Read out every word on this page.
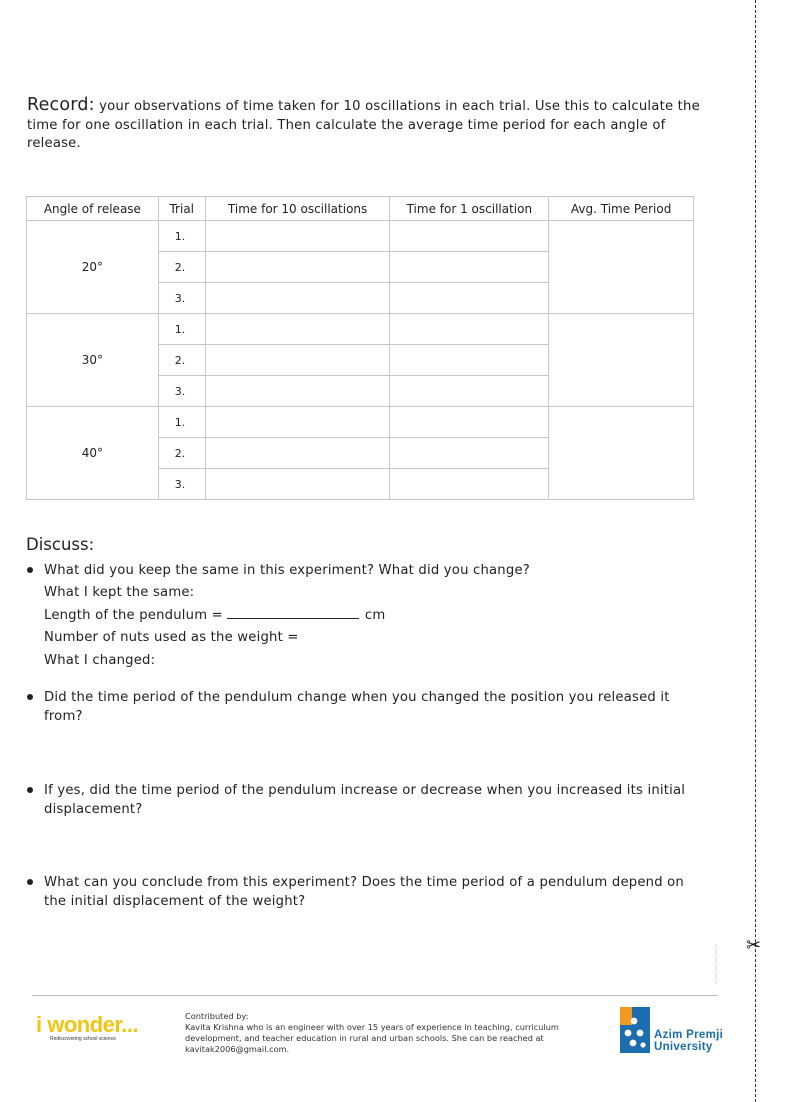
✂
Record: your observations of time taken for 10 oscillations in each trial. Use this to calculate the time for one oscillation in each trial. Then calculate the average time period for each angle of release.
Angle of release	Trial	Time for 10 oscillations	Time for 1 oscillation	Avg. Time Period
20°	1.			
	2.			
	3.			
30°	1.			
	2.			
	3.			
40°	1.			
	2.			
	3.			
Discuss:
What did you keep the same in this experiment? What did you change?
What I kept the same:
Length of the pendulum =	cm
Number of nuts used as the weight =
What I changed:
Did the time period of the pendulum change when you changed the position you released it from?
If yes, did the time period of the pendulum increase or decrease when you increased its initial displacement?
What can you conclude from this experiment? Does the time period of a pendulum depend on the initial displacement of the weight?
i wonder...
Rediscovering school science
Contributed by:
Kavita Krishna who is an engineer with over 15 years of experience in teaching, curriculum development, and teacher education in rural and urban schools. She can be reached at kavitak2006@gmail.com.
Azim Premji
University
